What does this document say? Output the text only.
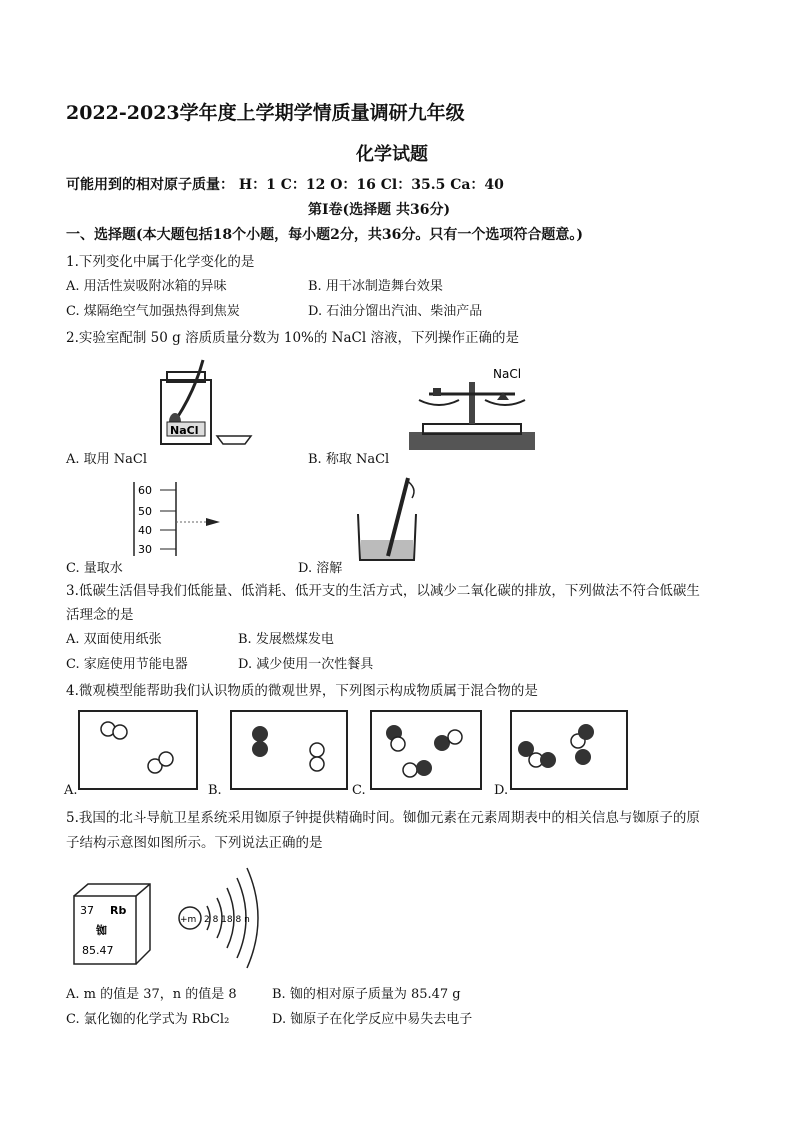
2022-2023学年度上学期学情质量调研九年级
化学试题
可能用到的相对原子质量： H：1 C：12 O：16 Cl：35.5 Ca：40
第Ⅰ卷(选择题 共36分)
一、选择题(本大题包括18个小题，每小题2分，共36分。只有一个选项符合题意。)
1.下列变化中属于化学变化的是
A. 用活性炭吸附冰箱的异味	B. 用干冰制造舞台效果
C. 煤隔绝空气加强热得到焦炭	D. 石油分馏出汽油、柴油产品
2.实验室配制 50 g 溶质质量分数为 10%的 NaCl 溶液，下列操作正确的是
NaCl
A. 取用 NaCl
NaCl
B. 称取 NaCl
60
50
40
30
C. 量取水	D. 溶解
3.低碳生活倡导我们低能量、低消耗、低开支的生活方式，以减少二氧化碳的排放，下列做法不符合低碳生
活理念的是
A. 双面使用纸张	B. 发展燃煤发电
C. 家庭使用节能电器	D. 减少使用一次性餐具
4.微观模型能帮助我们认识物质的微观世界，下列图示构成物质属于混合物的是
A.	B.	C.	D.
5.我国的北斗导航卫星系统采用铷原子钟提供精确时间。铷伽元素在元素周期表中的相关信息与铷原子的原
子结构示意图如图所示。下列说法正确的是
37 Rb
铷
85.47
+m 2 8 18 8 n
A. m 的值是 37，n 的值是 8	B. 铷的相对原子质量为 85.47 g
C. 氯化铷的化学式为 RbCl₂	D. 铷原子在化学反应中易失去电子
